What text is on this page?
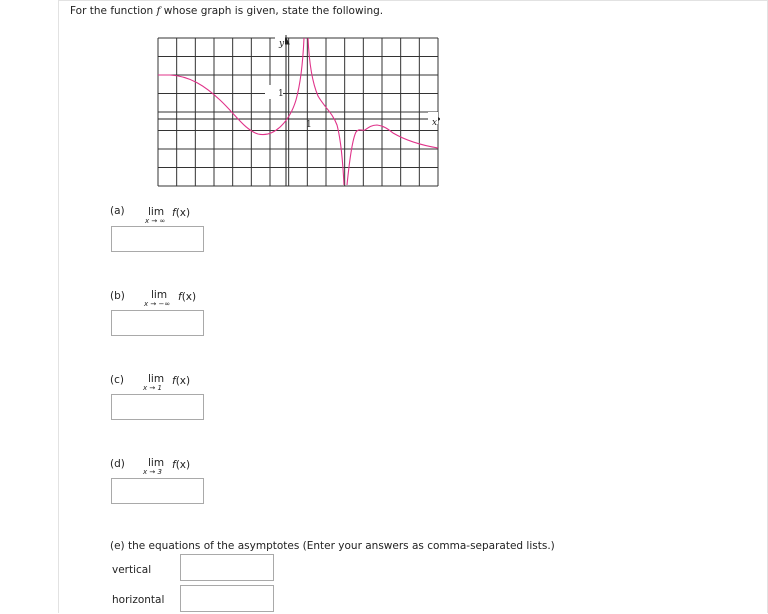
For the function f whose graph is given, state the following.
y
x
1
1
(a) lim
x → ∞
f(x)
(b) lim
x → −∞
f(x)
(c) lim
x → 1
f(x)
(d) lim
x → 3
f(x)
(e) the equations of the asymptotes (Enter your answers as comma-separated lists.)
vertical
horizontal
